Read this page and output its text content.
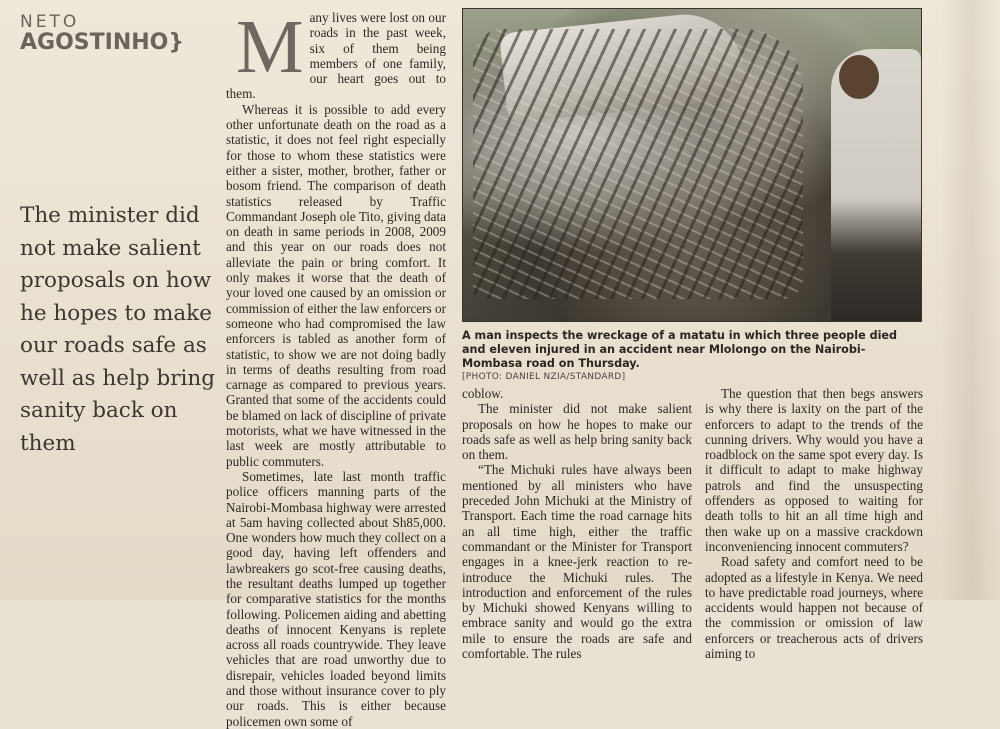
NETO
AGOSTINHO}
The minister did not make salient proposals on how he hopes to make our roads safe as well as help bring sanity back on them
M any lives were lost on our roads in the past week, six of them being members of one family, our heart goes out to them.

Whereas it is possible to add every other unfortunate death on the road as a statistic, it does not feel right especially for those to whom these statistics were either a sister, mother, brother, father or bosom friend. The comparison of death statistics released by Traffic Commandant Joseph ole Tito, giving data on death in same periods in 2008, 2009 and this year on our roads does not alleviate the pain or bring comfort. It only makes it worse that the death of your loved one caused by an omission or commission of either the law enforcers or someone who had compromised the law enforcers is tabled as another form of statistic, to show we are not doing badly in terms of deaths resulting from road carnage as compared to previous years. Granted that some of the accidents could be blamed on lack of discipline of private motorists, what we have witnessed in the last week are mostly attributable to public commuters.

Sometimes, late last month traffic police officers manning parts of the Nairobi-Mombasa highway were arrested at 5am having collected about Sh85,000. One wonders how much they collect on a good day, having left offenders and lawbreakers go scot-free causing deaths, the resultant deaths lumped up together for comparative statistics for the months following. Policemen aiding and abetting deaths of innocent Kenyans is replete across all roads countrywide. They leave vehicles that are road unworthy due to disrepair, vehicles loaded beyond limits and those without insurance cover to ply our roads. This is either because policemen own some of

A man inspects the wreckage of a matatu in which three people died and eleven injured in an accident near Mlolongo on the Nairobi-Mombasa road on Thursday.
[PHOTO: DANIEL NZIA/STANDARD]

coblow.

The minister did not make salient proposals on how he hopes to make our roads safe as well as help bring sanity back on them.

“The Michuki rules have always been mentioned by all ministers who have preceded John Michuki at the Ministry of Transport. Each time the road carnage hits an all time high, either the traffic commandant or the Minister for Transport engages in a knee-jerk reaction to re-introduce the Michuki rules. The introduction and enforcement of the rules by Michuki showed Kenyans willing to embrace sanity and would go the extra mile to ensure the roads are safe and comfortable. The rules

The question that then begs answers is why there is laxity on the part of the enforcers to adapt to the trends of the cunning drivers. Why would you have a roadblock on the same spot every day. Is it difficult to adapt to make highway patrols and find the unsuspecting offenders as opposed to waiting for death tolls to hit an all time high and then wake up on a massive crackdown inconveniencing innocent commuters?

Road safety and comfort need to be adopted as a lifestyle in Kenya. We need to have predictable road journeys, where accidents would happen not because of the commission or omission of law enforcers or treacherous acts of drivers aiming to
